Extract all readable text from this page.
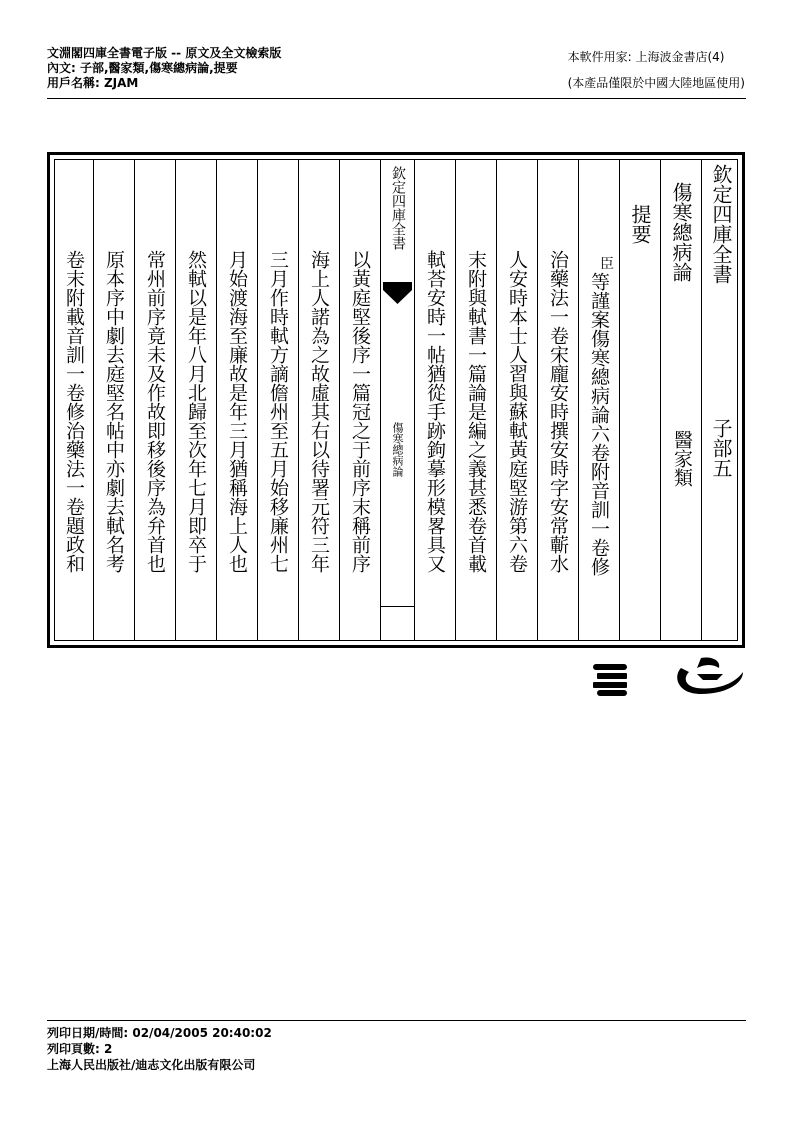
文淵閣四庫全書電子版 -- 原文及全文檢索版
內文: 子部,醫家類,傷寒總病論,提要
用戶名稱: ZJAM
本軟件用家: 上海波金書店(4)
(本產品僅限於中國大陸地區使用)
欽定四庫全書
子部五
傷寒總病論
醫家類
提要
臣
等謹案傷寒總病論六卷附音訓一卷修
治藥法一卷宋龐安時撰安時字安常蘄水
人安時本士人習與蘇軾黃庭堅游第六卷
末附與軾書一篇論是編之義甚悉卷首載
軾荅安時一帖猶從手跡鉤摹形模畧具又
欽定四庫全書
傷寒總病論
以黃庭堅後序一篇冠之于前序末稱前序
海上人諾為之故虛其右以待署元符三年
三月作時軾方謫儋州至五月始移廉州七
月始渡海至廉故是年三月猶稱海上人也
然軾以是年八月北歸至次年七月即卒于
常州前序竟未及作故即移後序為弁首也
原本序中劇去庭堅名帖中亦劇去軾名考
卷末附載音訓一卷修治藥法一卷題政和
列印日期/時間: 02/04/2005 20:40:02
列印頁數: 2
上海人民出版社/迪志文化出版有限公司
